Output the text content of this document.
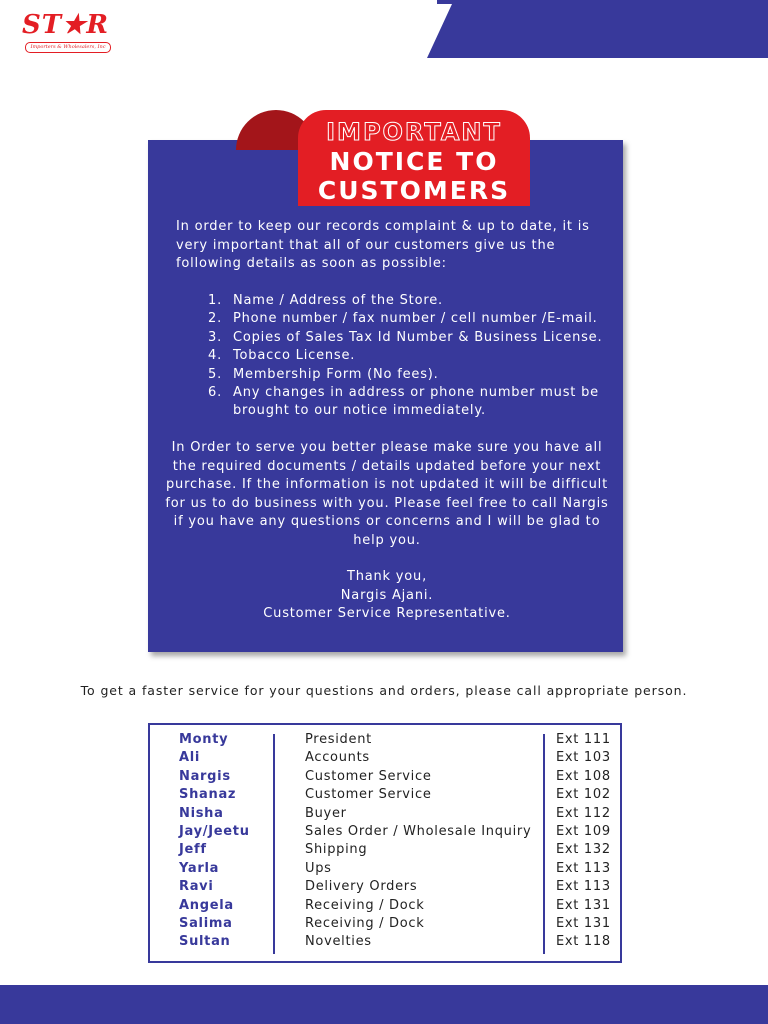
ST★R
Importers & Wholesalers, Inc
IMPORTANT
NOTICE TO
CUSTOMERS
In order to keep our records complaint & up to date, it is very important that all of our customers give us the following details as soon as possible:
1. Name / Address of the Store.
2. Phone number / fax number / cell number /E-mail.
3. Copies of Sales Tax Id Number & Business License.
4. Tobacco License.
5. Membership Form (No fees).
6. Any changes in address or phone number must be brought to our notice immediately.
In Order to serve you better please make sure you have all the required documents / details updated before your next purchase. If the information is not updated it will be difficult for us to do business with you. Please feel free to call Nargis if you have any questions or concerns and I will be glad to help you.
Thank you,
Nargis Ajani.
Customer Service Representative.
To get a faster service for your questions and orders, please call appropriate person.
Monty
Ali
Nargis
Shanaz
Nisha
Jay/Jeetu
Jeff
Yarla
Ravi
Angela
Salima
Sultan
President
Accounts
Customer Service
Customer Service
Buyer
Sales Order / Wholesale Inquiry
Shipping
Ups
Delivery Orders
Receiving / Dock
Receiving / Dock
Novelties
Ext 111
Ext 103
Ext 108
Ext 102
Ext 112
Ext 109
Ext 132
Ext 113
Ext 113
Ext 131
Ext 131
Ext 118
